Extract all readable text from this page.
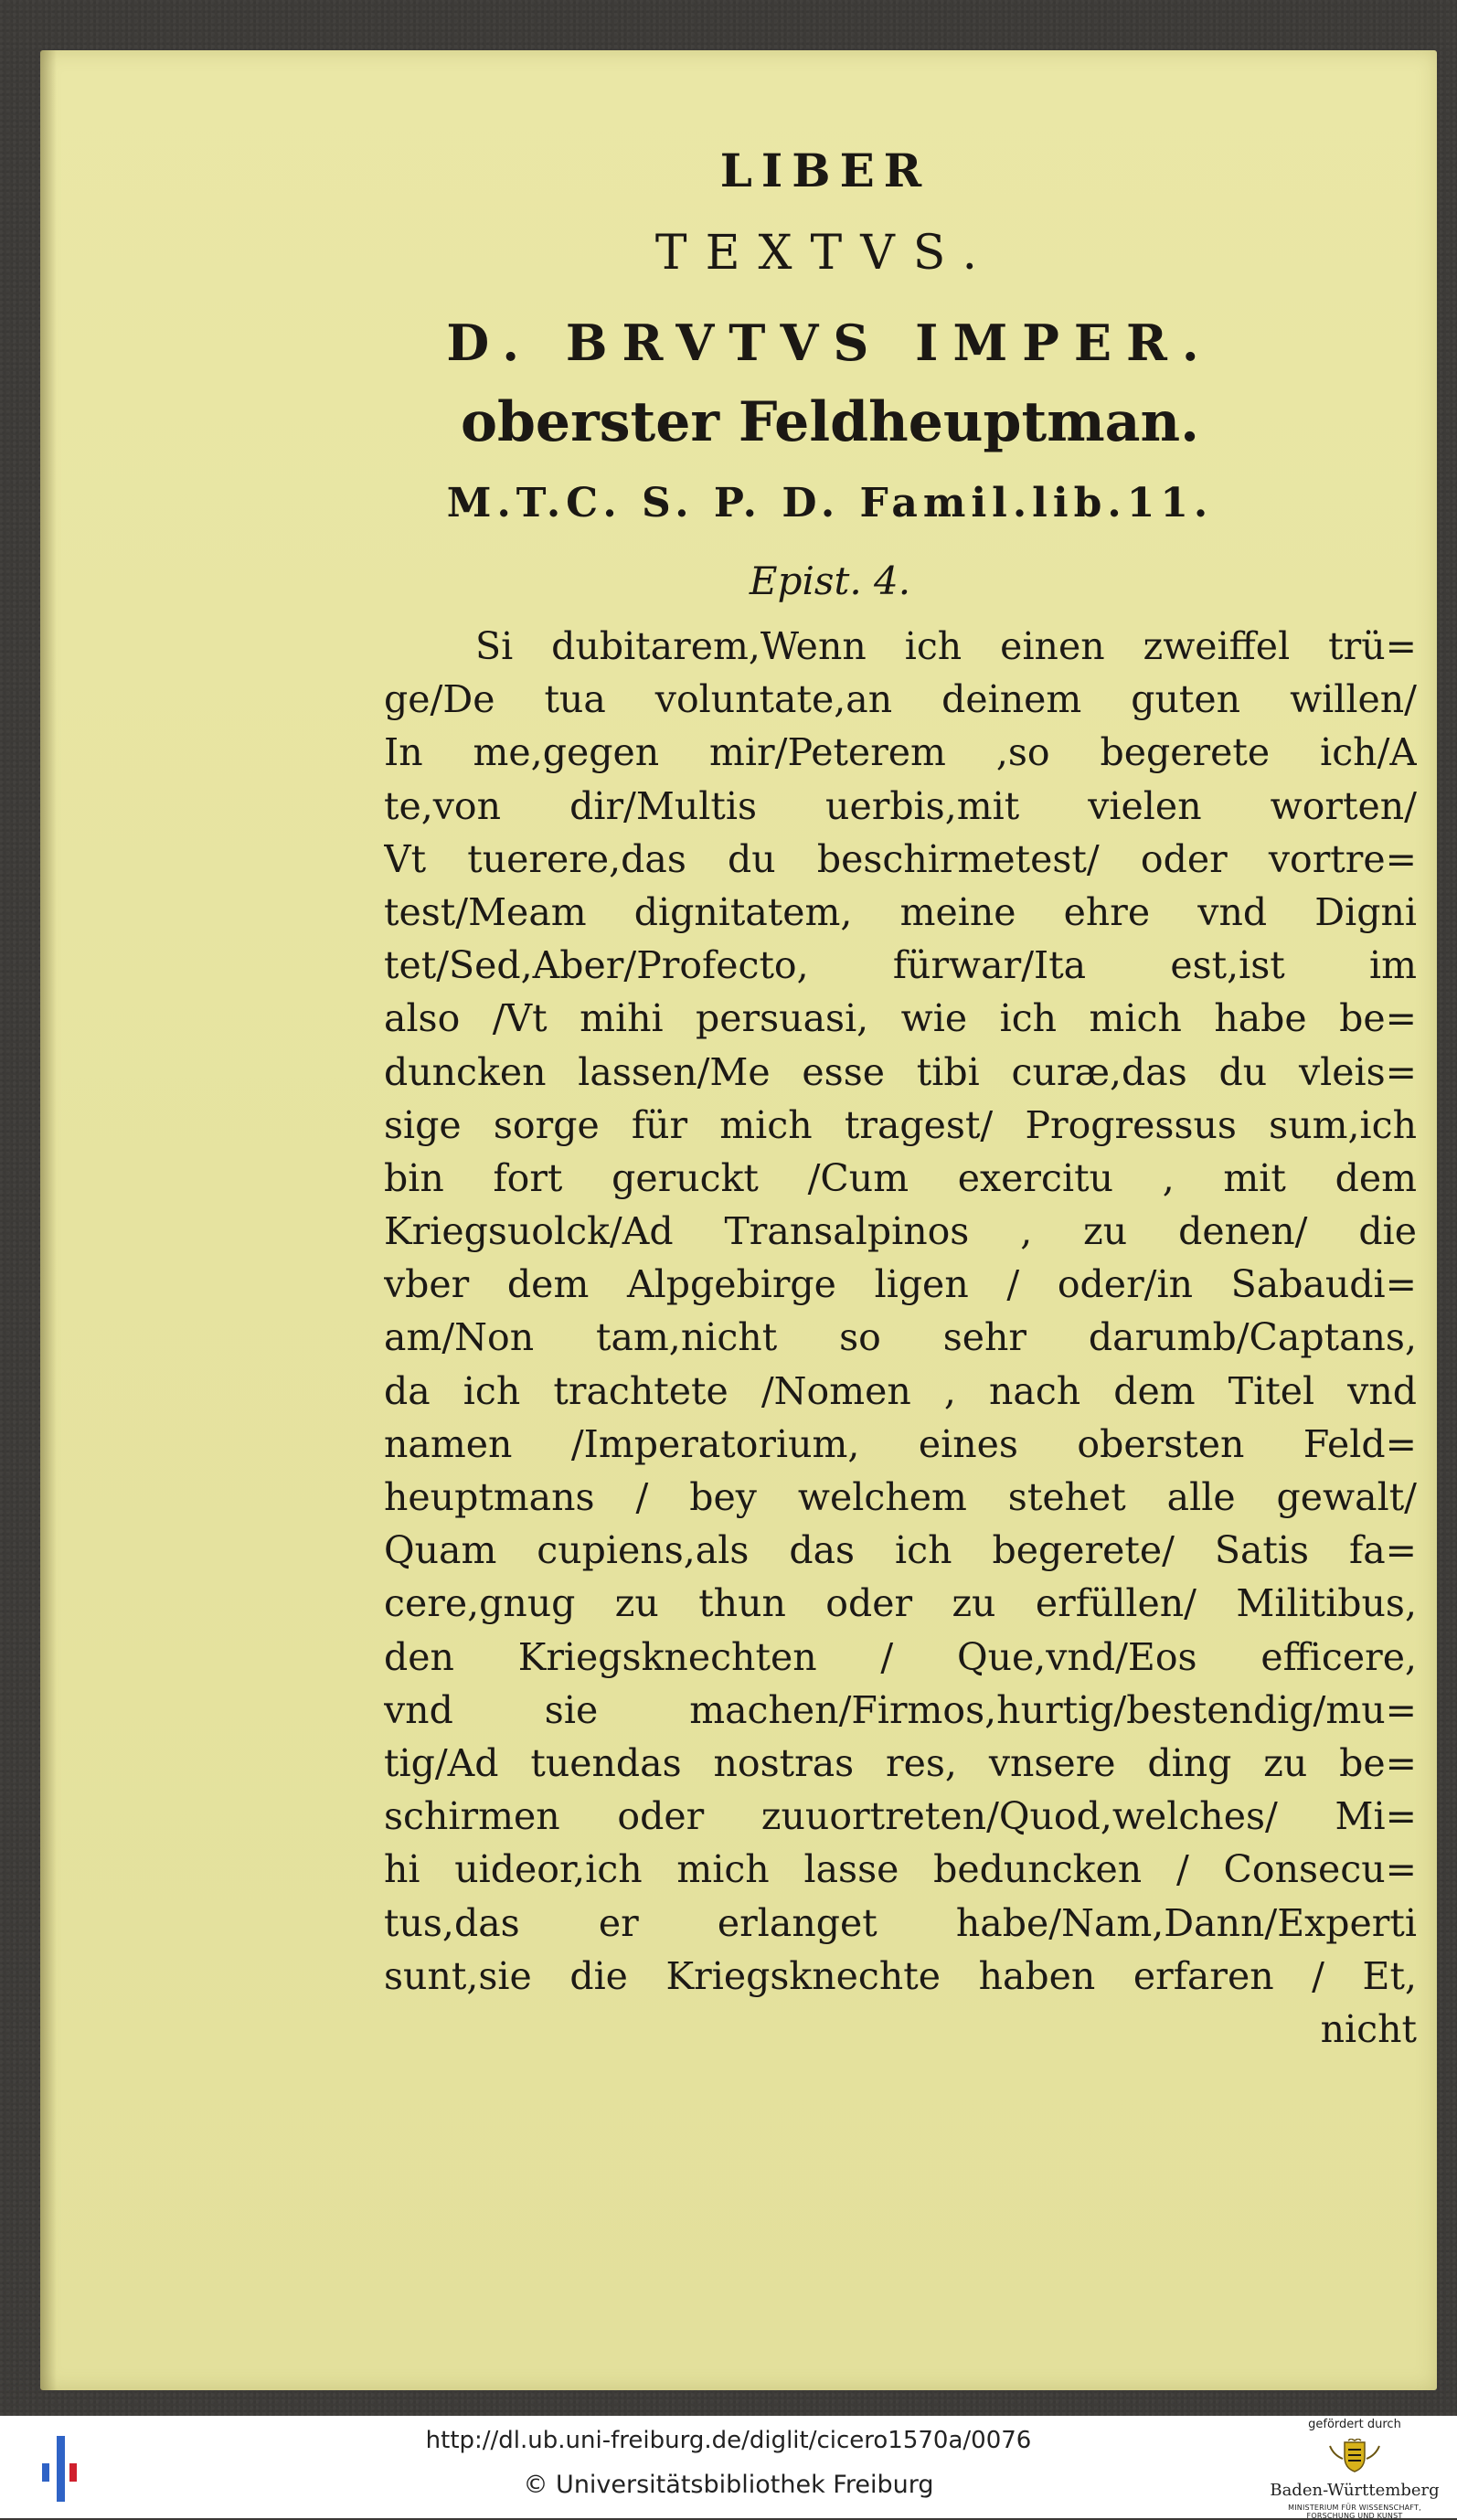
LIBER
TEXTVS.
D. BRVTVS IMPER.
oberster Feldheuptman.
M.T.C. S. P. D. Famil.lib.11.
Epist. 4.
Si dubitarem,Wenn ich einen zweiffel trü=
ge/De tua voluntate,an deinem guten willen/
In me,gegen mir/Peterem ,so begerete ich/A
te,von dir/Multis uerbis,mit vielen worten/
Vt tuerere,das du beschirmetest/ oder vortre=
test/Meam dignitatem, meine ehre vnd Digni
tet/Sed,Aber/Profecto, fürwar/Ita est,ist im
also /Vt mihi persuasi, wie ich mich habe be=
duncken lassen/Me esse tibi curæ,das du vleis=
sige sorge für mich tragest/ Progressus sum,ich
bin fort geruckt /Cum exercitu , mit dem
Kriegsuolck/Ad Transalpinos , zu denen/ die
vber dem Alpgebirge ligen / oder/in Sabaudi=
am/Non tam,nicht so sehr darumb/Captans,
da ich trachtete /Nomen , nach dem Titel vnd
namen /Imperatorium, eines obersten Feld=
heuptmans / bey welchem stehet alle gewalt/
Quam cupiens,als das ich begerete/ Satis fa=
cere,gnug zu thun oder zu erfüllen/ Militibus,
den Kriegsknechten / Que,vnd/Eos efficere,
vnd sie machen/Firmos,hurtig/bestendig/mu=
tig/Ad tuendas nostras res, vnsere ding zu be=
schirmen oder zuuortreten/Quod,welches/ Mi=
hi uideor,ich mich lasse beduncken / Consecu=
tus,das er erlanget habe/Nam,Dann/Experti
sunt,sie die Kriegsknechte haben erfaren / Et,
nicht
http://dl.ub.uni-freiburg.de/diglit/cicero1570a/0076
© Universitätsbibliothek Freiburg
gefördert durch
Baden-Württemberg
MINISTERIUM FÜR WISSENSCHAFT, FORSCHUNG UND KUNST
